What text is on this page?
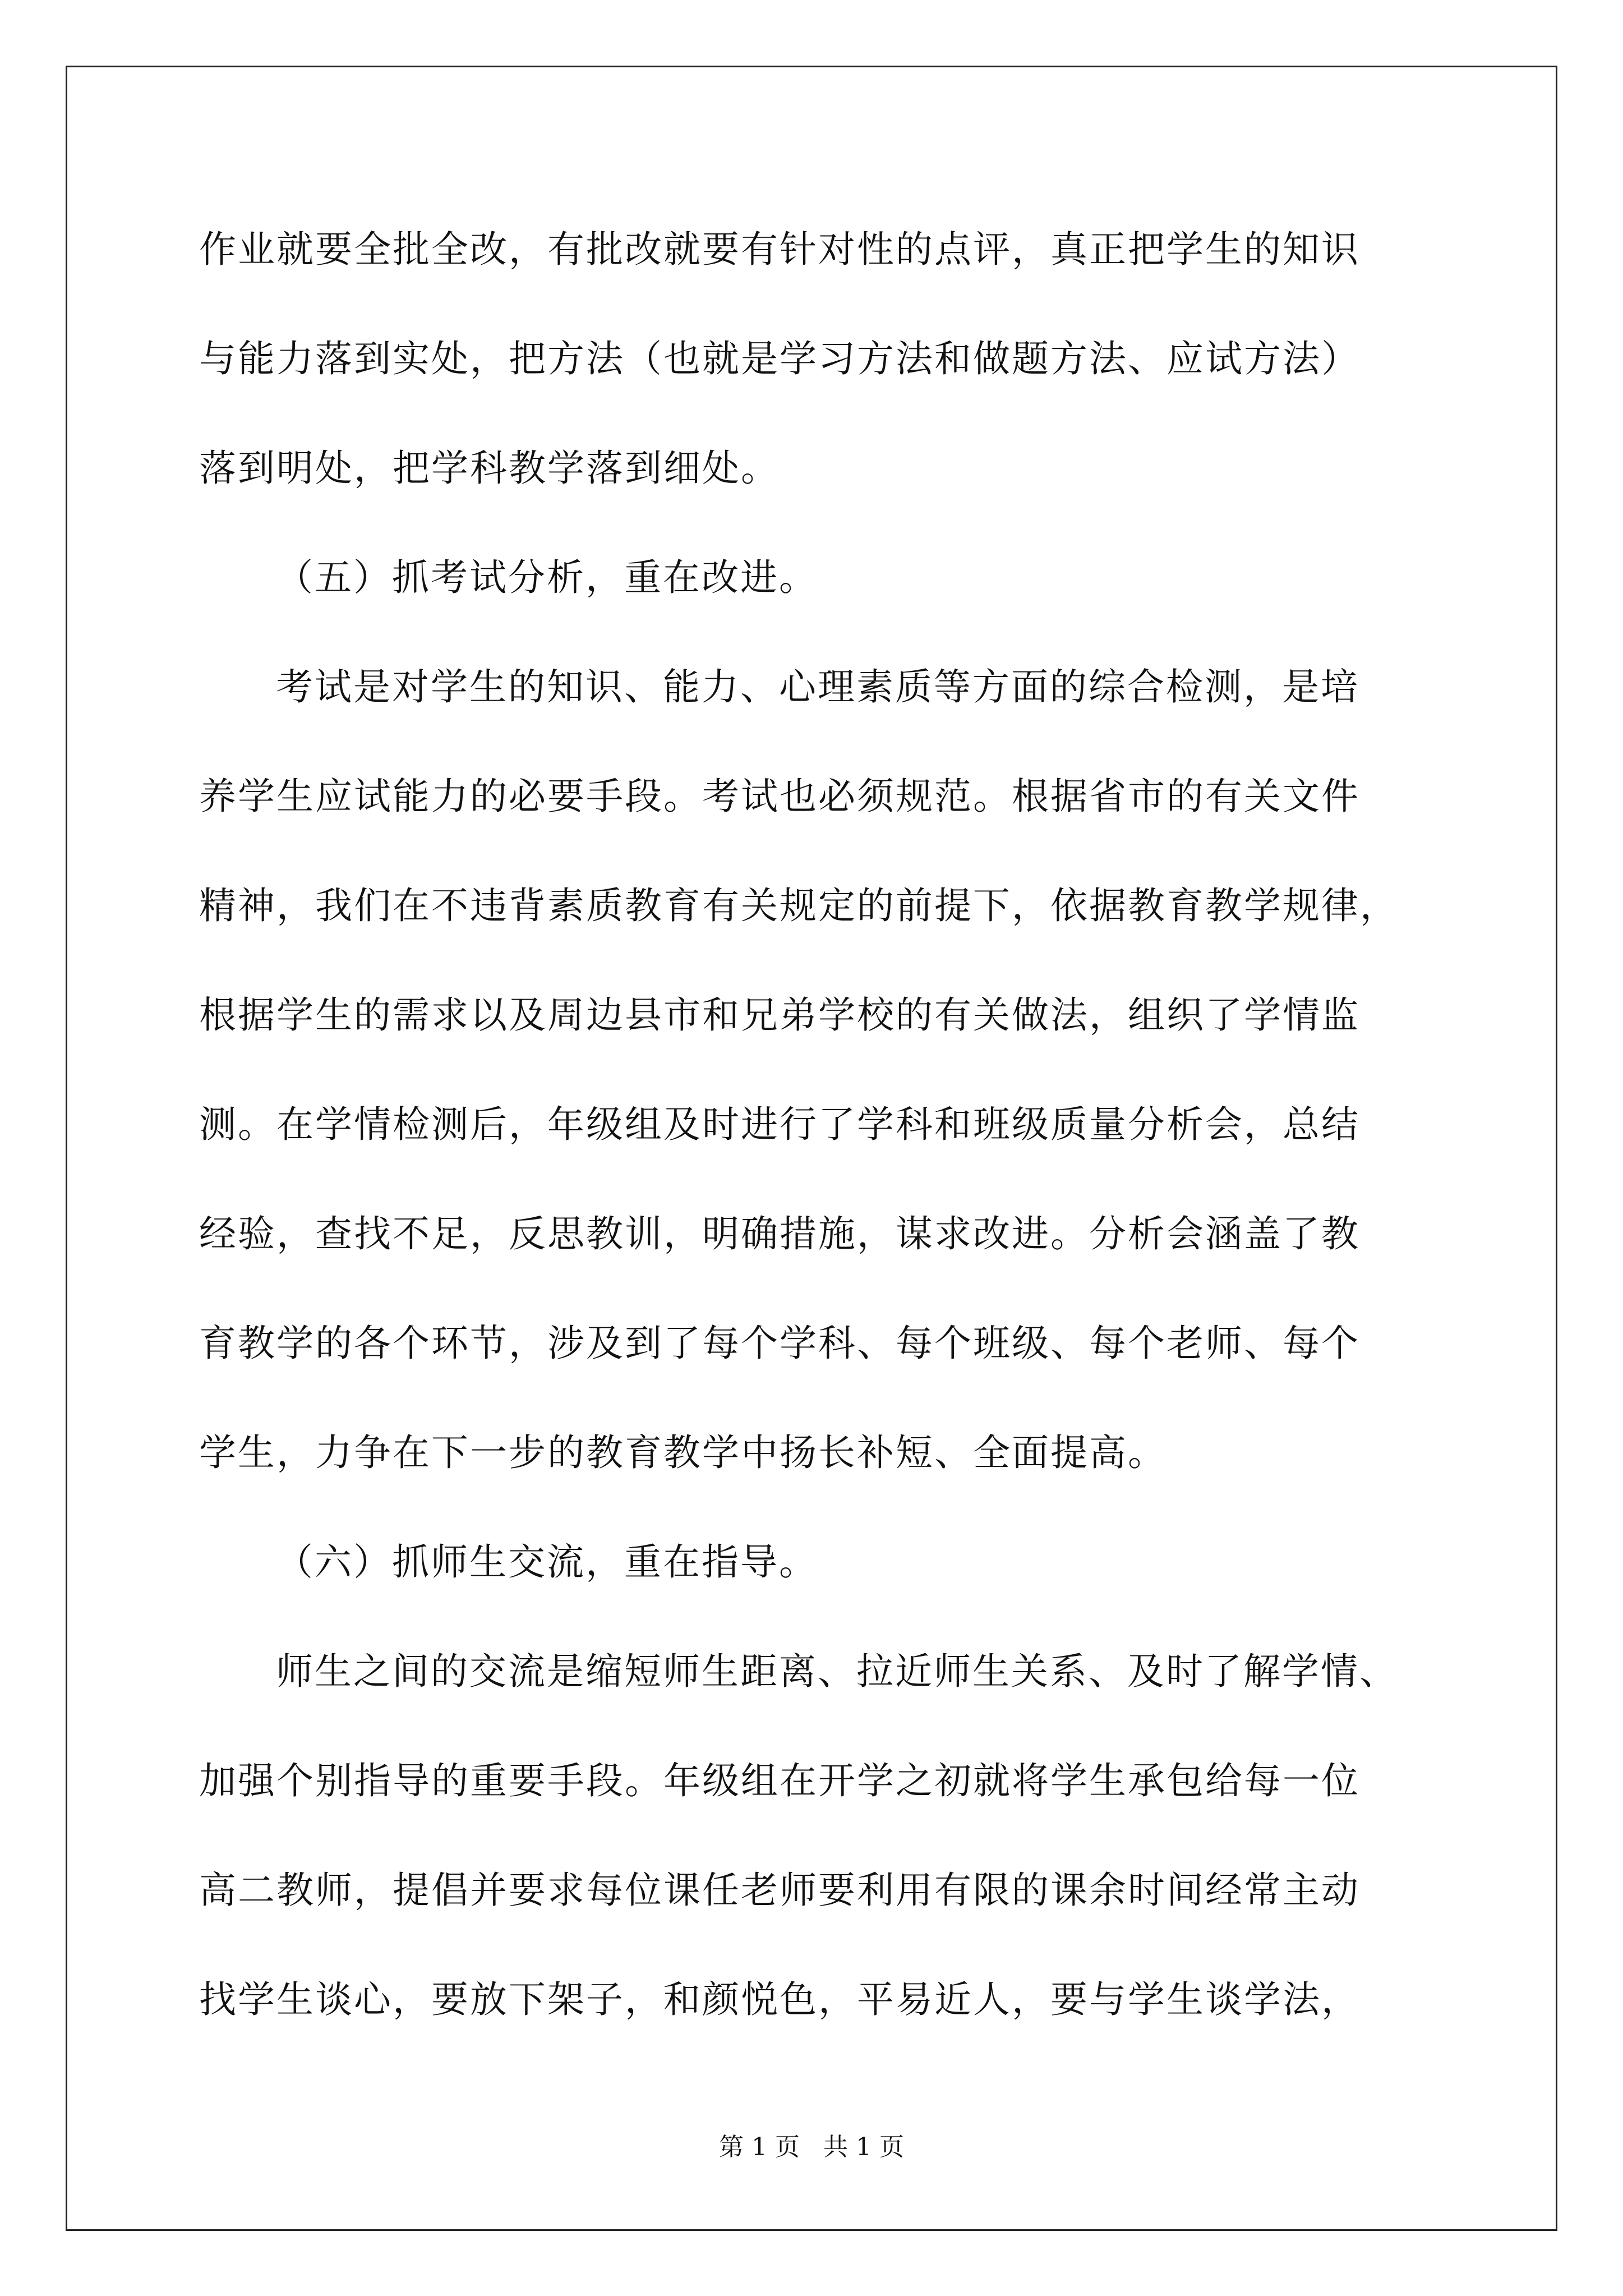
作业就要全批全改，有批改就要有针对性的点评，真正把学生的知识
与能力落到实处，把方法（也就是学习方法和做题方法、应试方法）
落到明处，把学科教学落到细处。
（五）抓考试分析，重在改进。
考试是对学生的知识、能力、心理素质等方面的综合检测，是培
养学生应试能力的必要手段。考试也必须规范。根据省市的有关文件
精神，我们在不违背素质教育有关规定的前提下，依据教育教学规律，
根据学生的需求以及周边县市和兄弟学校的有关做法，组织了学情监
测。在学情检测后，年级组及时进行了学科和班级质量分析会，总结
经验，查找不足，反思教训，明确措施，谋求改进。分析会涵盖了教
育教学的各个环节，涉及到了每个学科、每个班级、每个老师、每个
学生，力争在下一步的教育教学中扬长补短、全面提高。
（六）抓师生交流，重在指导。
师生之间的交流是缩短师生距离、拉近师生关系、及时了解学情、
加强个别指导的重要手段。年级组在开学之初就将学生承包给每一位
高二教师，提倡并要求每位课任老师要利用有限的课余时间经常主动
找学生谈心，要放下架子，和颜悦色，平易近人，要与学生谈学法，
第 1 页   共 1 页
